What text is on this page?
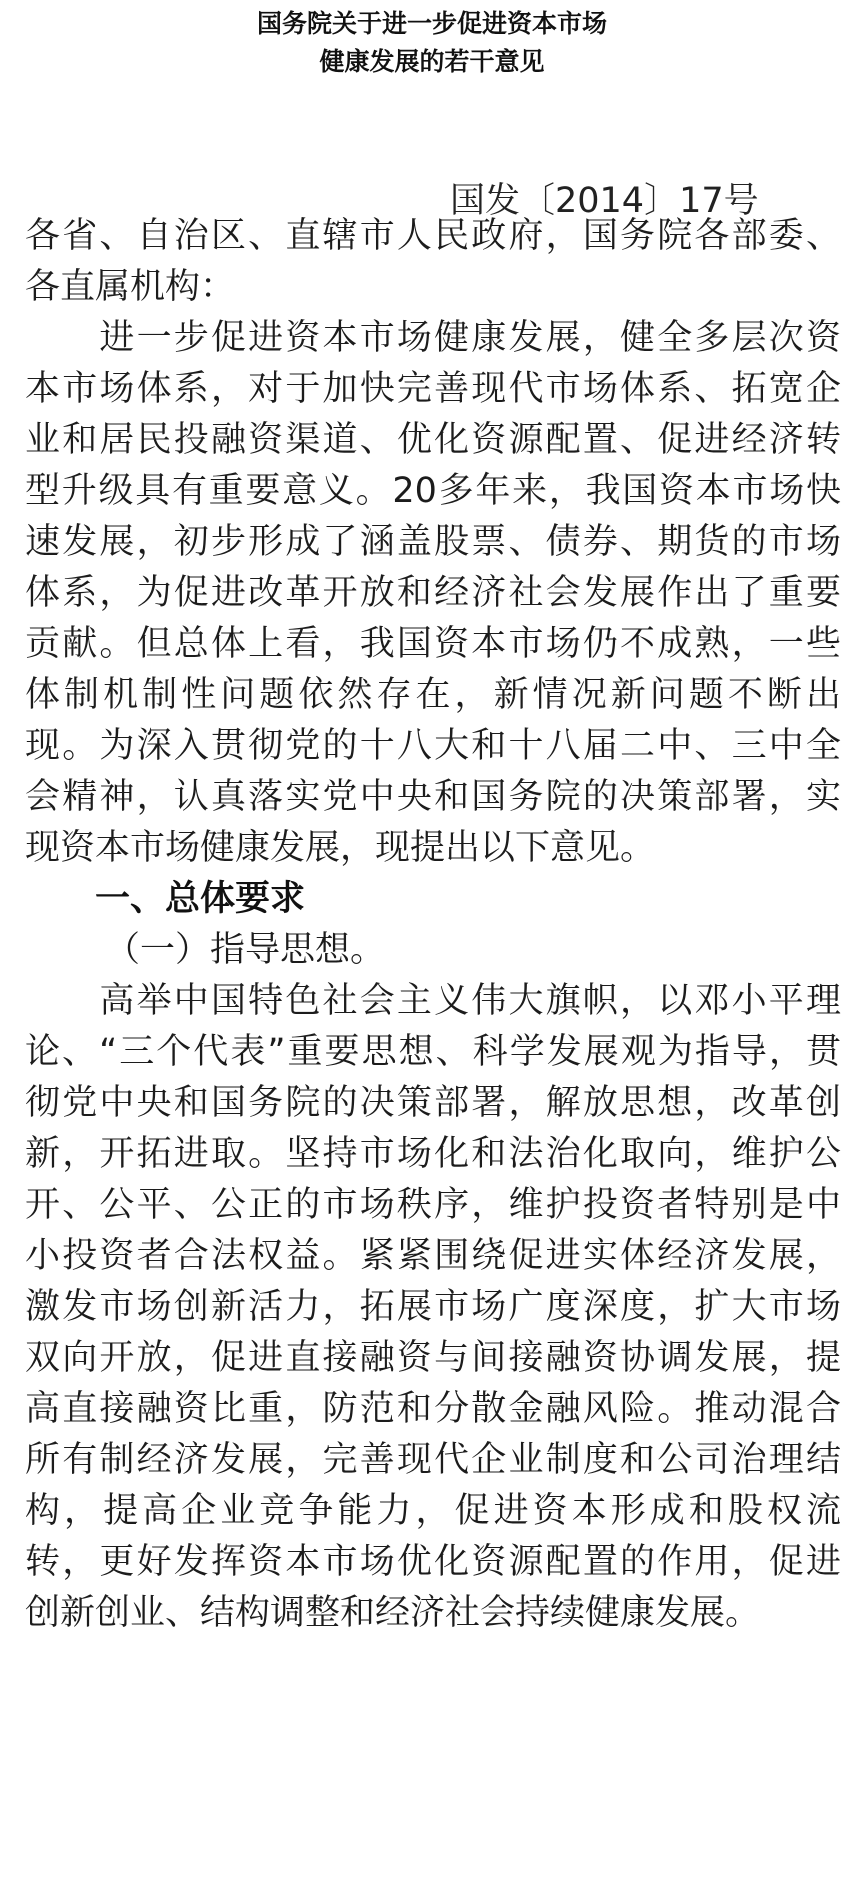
国务院关于进一步促进资本市场
健康发展的若干意见
国发〔2014〕17号
各省、自治区、直辖市人民政府，国务院各部委、
各直属机构：
　　进一步促进资本市场健康发展，健全多层次资
本市场体系，对于加快完善现代市场体系、拓宽企
业和居民投融资渠道、优化资源配置、促进经济转
型升级具有重要意义。20多年来，我国资本市场快
速发展，初步形成了涵盖股票、债券、期货的市场
体系，为促进改革开放和经济社会发展作出了重要
贡献。但总体上看，我国资本市场仍不成熟，一些
体制机制性问题依然存在，新情况新问题不断出
现。为深入贯彻党的十八大和十八届二中、三中全
会精神，认真落实党中央和国务院的决策部署，实
现资本市场健康发展，现提出以下意见。
一、总体要求
（一）指导思想。
　　高举中国特色社会主义伟大旗帜，以邓小平理
论、“三个代表”重要思想、科学发展观为指导，贯
彻党中央和国务院的决策部署，解放思想，改革创
新，开拓进取。坚持市场化和法治化取向，维护公
开、公平、公正的市场秩序，维护投资者特别是中
小投资者合法权益。紧紧围绕促进实体经济发展，
激发市场创新活力，拓展市场广度深度，扩大市场
双向开放，促进直接融资与间接融资协调发展，提
高直接融资比重，防范和分散金融风险。推动混合
所有制经济发展，完善现代企业制度和公司治理结
构，提高企业竞争能力，促进资本形成和股权流
转，更好发挥资本市场优化资源配置的作用，促进
创新创业、结构调整和经济社会持续健康发展。
